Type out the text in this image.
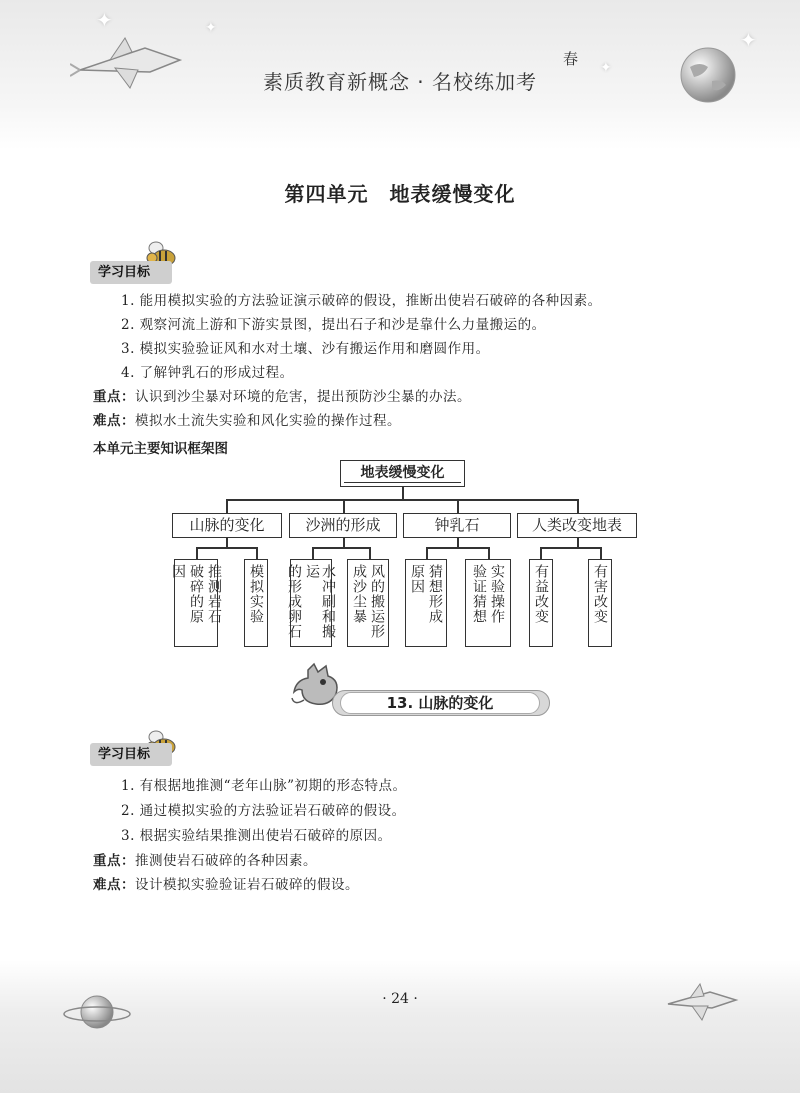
✦	✦
✦
✦
素质教育新概念 · 名校练加考
春
第四单元　地表缓慢变化
学习目标
1. 能用模拟实验的方法验证演示破碎的假设，推断出使岩石破碎的各种因素。
2. 观察河流上游和下游实景图，提出石子和沙是靠什么力量搬运的。
3. 模拟实验验证风和水对土壤、沙有搬运作用和磨圆作用。
4. 了解钟乳石的形成过程。
重点：认识到沙尘暴对环境的危害，提出预防沙尘暴的办法。
难点：模拟水土流失实验和风化实验的操作过程。
本单元主要知识框架图
地表缓慢变化
山脉的变化	沙洲的形成	钟乳石	人类改变地表
推测岩石
破碎的原
因	模拟实验	水冲刷和搬运
的形成卵石	风的搬运形
成沙尘暴	猜想形成
原因	实验操作
验证猜想	有益改变	有害改变
13. 山脉的变化
学习目标
1. 有根据地推测“老年山脉”初期的形态特点。
2. 通过模拟实验的方法验证岩石破碎的假设。
3. 根据实验结果推测出使岩石破碎的原因。
重点：推测使岩石破碎的各种因素。
难点：设计模拟实验验证岩石破碎的假设。
· 24 ·
